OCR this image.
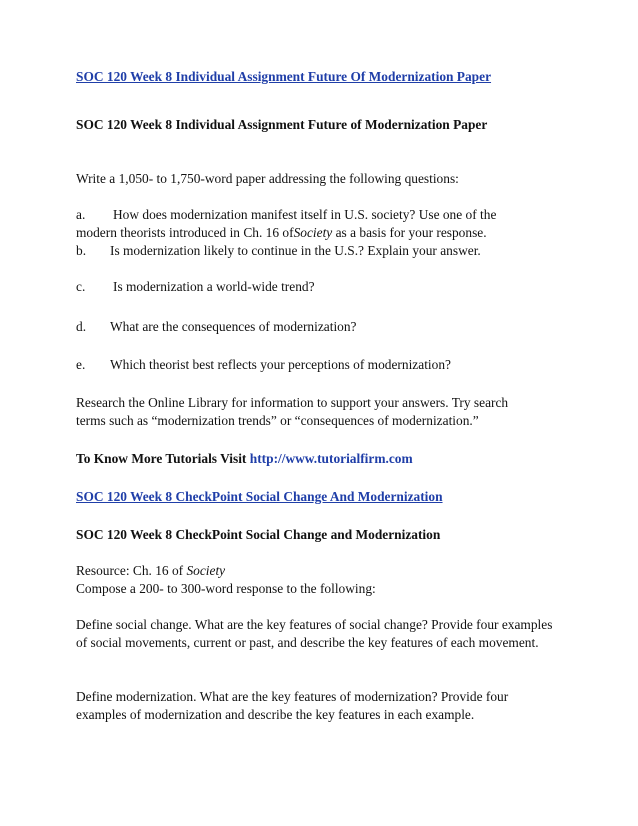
SOC 120 Week 8 Individual Assignment Future Of Modernization Paper

SOC 120 Week 8 Individual Assignment Future of Modernization Paper

Write a 1,050- to 1,750-word paper addressing the following questions:

a. How does modernization manifest itself in U.S. society? Use one of the

modern theorists introduced in Ch. 16 ofSociety as a basis for your response.

b. Is modernization likely to continue in the U.S.? Explain your answer.

c. Is modernization a world-wide trend?

d. What are the consequences of modernization?

e. Which theorist best reflects your perceptions of modernization?

Research the Online Library for information to support your answers. Try search

terms such as “modernization trends” or “consequences of modernization.”

To Know More Tutorials Visit http://www.tutorialfirm.com

SOC 120 Week 8 CheckPoint Social Change And Modernization

SOC 120 Week 8 CheckPoint Social Change and Modernization

Resource: Ch. 16 of Society

Compose a 200- to 300-word response to the following:

Define social change. What are the key features of social change? Provide four examples of social movements, current or past, and describe the key features of each movement.

Define modernization. What are the key features of modernization? Provide four examples of modernization and describe the key features in each example.
